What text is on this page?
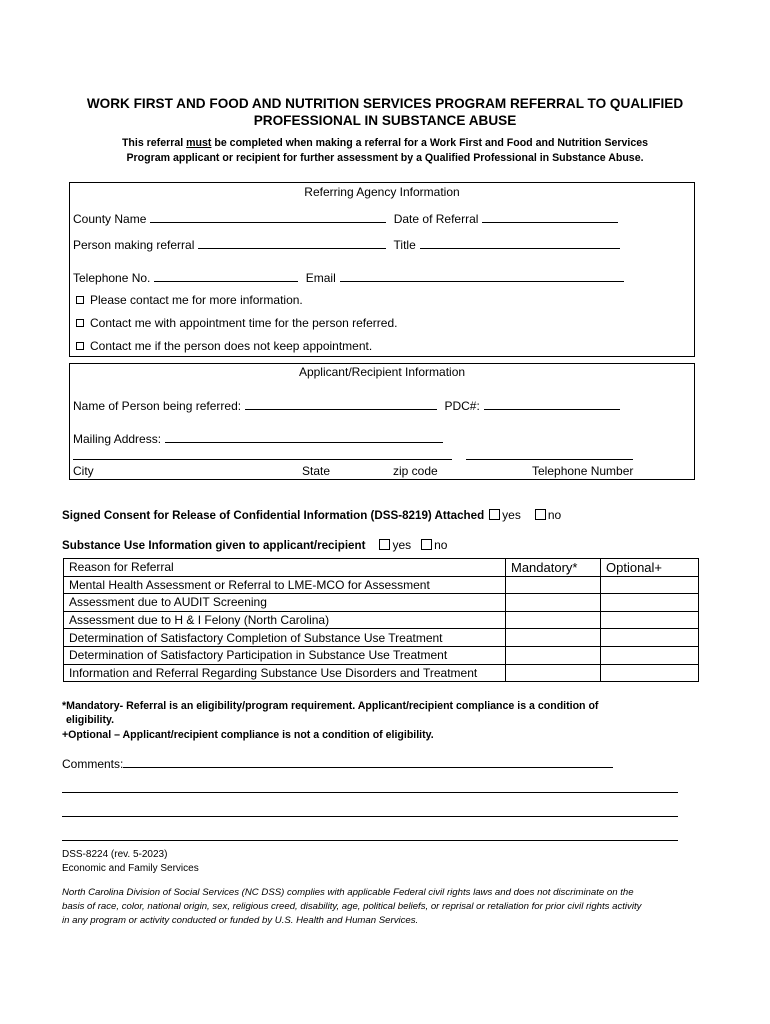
WORK FIRST AND FOOD AND NUTRITION SERVICES PROGRAM REFERRAL TO QUALIFIED
PROFESSIONAL IN SUBSTANCE ABUSE
This referral must be completed when making a referral for a Work First and Food and Nutrition Services
Program applicant or recipient for further assessment by a Qualified Professional in Substance Abuse.
Referring Agency Information
County Name	Date of Referral
Person making referral	Title
Telephone No.	Email
Please contact me for more information.
Contact me with appointment time for the person referred.
Contact me if the person does not keep appointment.
Applicant/Recipient Information
Name of Person being referred:	PDC#:
Mailing Address:
City	State	zip code	Telephone Number
Signed Consent for Release of Confidential Information (DSS-8219) Attached yes no
Substance Use Information given to applicant/recipient yes no
Reason for Referral	Mandatory*	Optional+
Mental Health Assessment or Referral to LME-MCO for Assessment		
Assessment due to AUDIT Screening		
Assessment due to H & I Felony (North Carolina)		
Determination of Satisfactory Completion of Substance Use Treatment		
Determination of Satisfactory Participation in Substance Use Treatment		
Information and Referral Regarding Substance Use Disorders and Treatment		
*Mandatory- Referral is an eligibility/program requirement. Applicant/recipient compliance is a condition of
eligibility.
+Optional – Applicant/recipient compliance is not a condition of eligibility.
Comments:
DSS-8224 (rev. 5-2023)
Economic and Family Services
North Carolina Division of Social Services (NC DSS) complies with applicable Federal civil rights laws and does not discriminate on the
basis of race, color, national origin, sex, religious creed, disability, age, political beliefs, or reprisal or retaliation for prior civil rights activity
in any program or activity conducted or funded by U.S. Health and Human Services.
